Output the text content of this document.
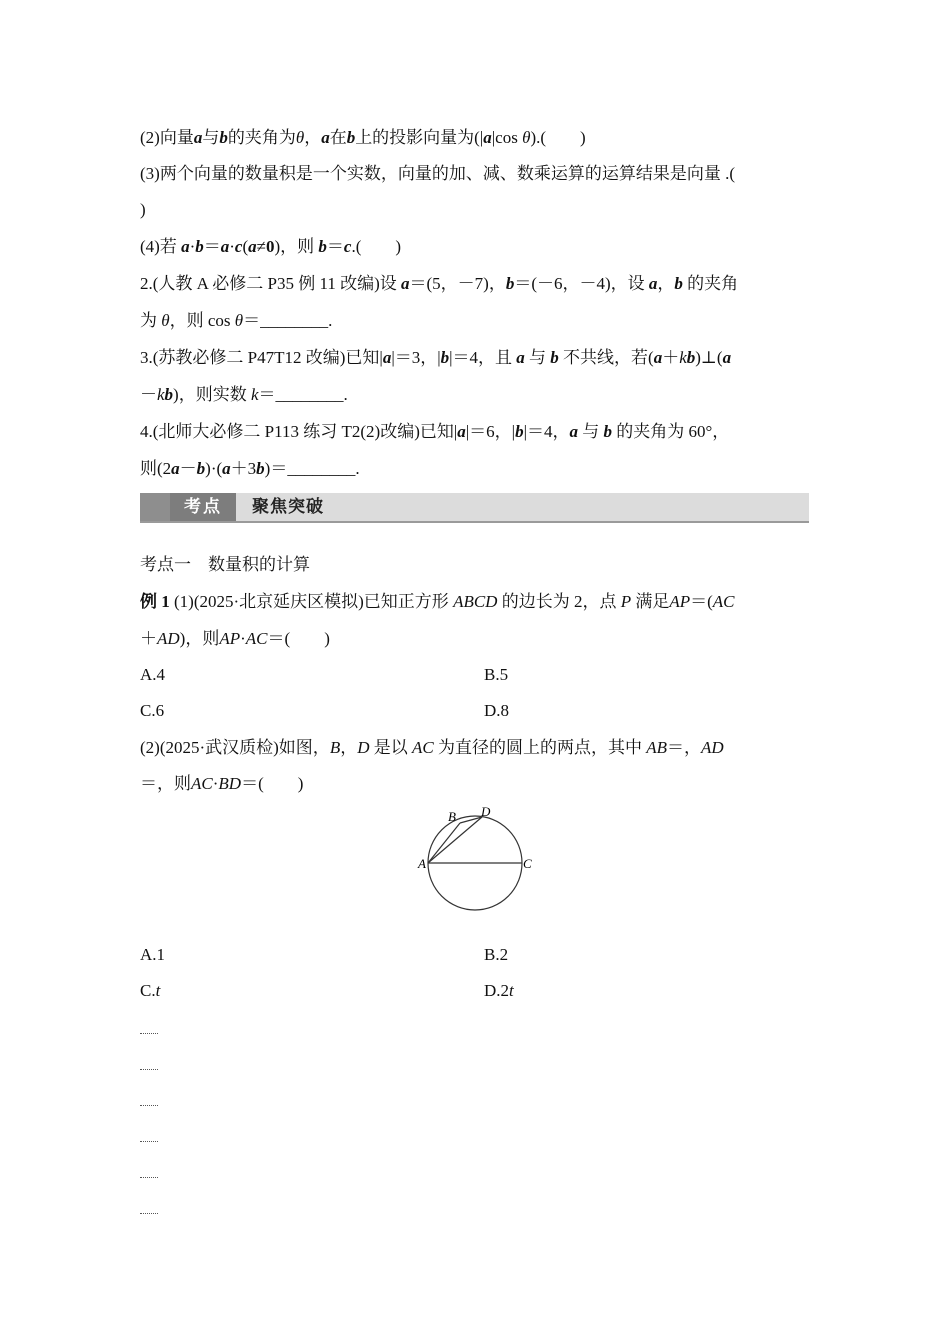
(2)向量a与b的夹角为θ，a在b上的投影向量为(|a|cos θ).(　　)
(3)两个向量的数量积是一个实数，向量的加、减、数乘运算的运算结果是向量 .(
)
(4)若 a·b＝a·c(a≠0)，则 b＝c.(　　)
2.(人教 A 必修二 P35 例 11 改编)设 a＝(5，－7)，b＝(－6，－4)，设 a，b 的夹角
为 θ，则 cos θ＝________.
3.(苏教必修二 P47T12 改编)已知|a|＝3，|b|＝4，且 a 与 b 不共线，若(a＋kb)⊥(a
－kb)，则实数 k＝________.
4.(北师大必修二 P113 练习 T2(2)改编)已知|a|＝6，|b|＝4，a 与 b 的夹角为 60°，
则(2a－b)·(a＋3b)＝________.
考点	聚焦突破
考点一　数量积的计算
例 1 (1)(2025·北京延庆区模拟)已知正方形 ABCD 的边长为 2，点 P 满足AP＝(AC
＋AD)，则AP·AC＝(　　)
A.4	B.5
C.6	D.8
(2)(2025·武汉质检)如图，B，D 是以 AC 为直径的圆上的两点，其中 AB＝，AD
＝，则AC·BD＝(　　)
A
B
C
D
A.1	B.2
C.t	D.2t
